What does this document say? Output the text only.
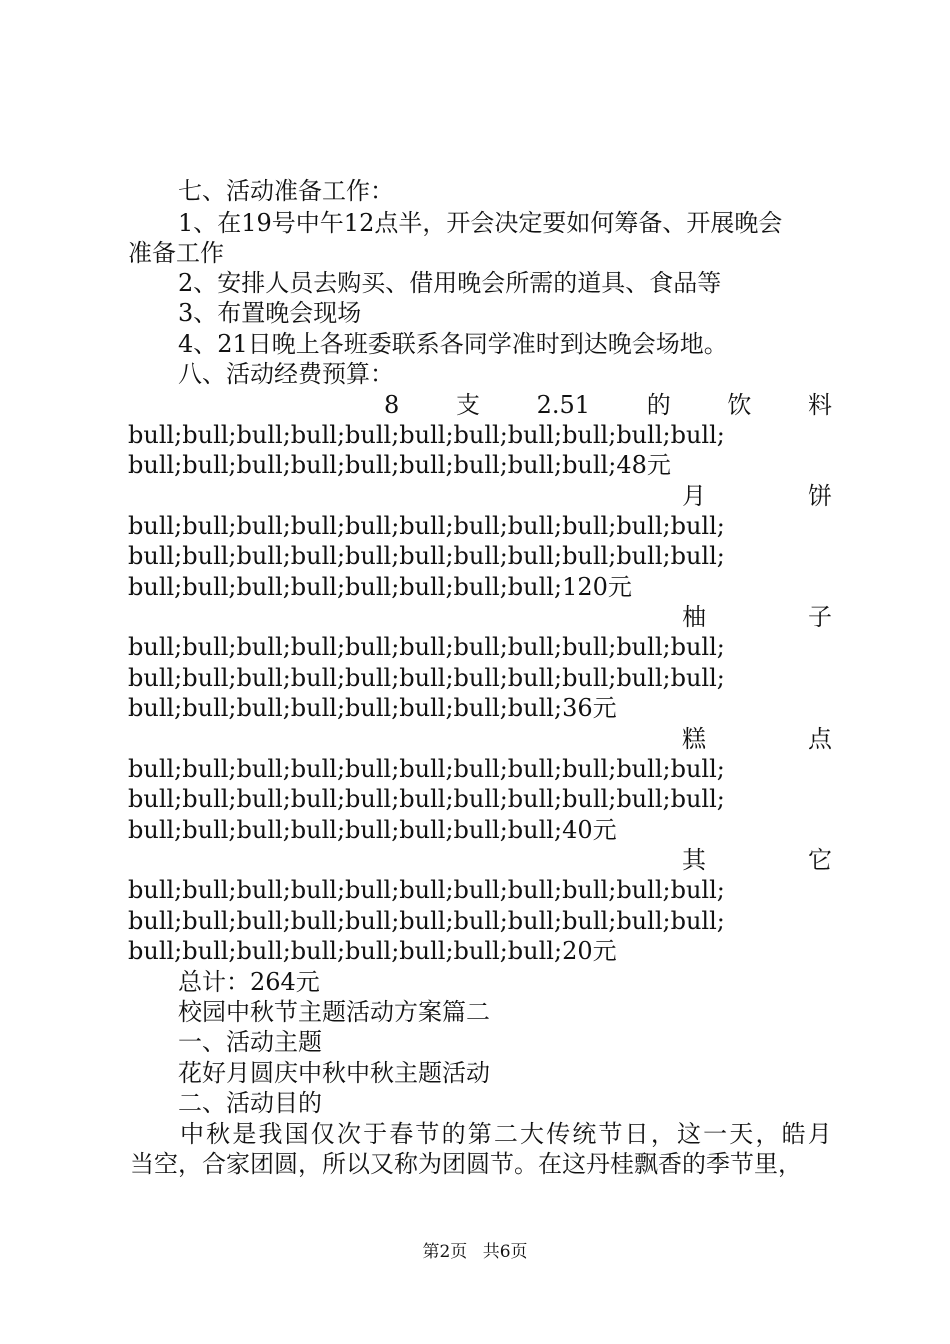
七、活动准备工作：
1、在19号中午12点半，开会决定要如何筹备、开展晚会
准备工作
2、安排人员去购买、借用晚会所需的道具、食品等
3、布置晚会现场
4、21日晚上各班委联系各同学准时到达晚会场地。
八、活动经费预算：
8 支 2.51 的 饮 料
bull;bull;bull;bull;bull;bull;bull;bull;bull;bull;bull;
bull;bull;bull;bull;bull;bull;bull;bull;bull;48元
月	饼
bull;bull;bull;bull;bull;bull;bull;bull;bull;bull;bull;
bull;bull;bull;bull;bull;bull;bull;bull;bull;bull;bull;
bull;bull;bull;bull;bull;bull;bull;bull;120元
柚	子
bull;bull;bull;bull;bull;bull;bull;bull;bull;bull;bull;
bull;bull;bull;bull;bull;bull;bull;bull;bull;bull;bull;
bull;bull;bull;bull;bull;bull;bull;bull;36元
糕	点
bull;bull;bull;bull;bull;bull;bull;bull;bull;bull;bull;
bull;bull;bull;bull;bull;bull;bull;bull;bull;bull;bull;
bull;bull;bull;bull;bull;bull;bull;bull;40元
其	它
bull;bull;bull;bull;bull;bull;bull;bull;bull;bull;bull;
bull;bull;bull;bull;bull;bull;bull;bull;bull;bull;bull;
bull;bull;bull;bull;bull;bull;bull;bull;20元
总计：264元
校园中秋节主题活动方案篇二
一、活动主题
花好月圆庆中秋中秋主题活动
二、活动目的
中 秋 是 我 国 仅 次 于 春 节 的 第 二 大 传 统 节 日 ， 这 一 天 ， 皓 月
当空，合家团圆，所以又称为团圆节。在这丹桂飘香的季节里，
第2页 共6页
